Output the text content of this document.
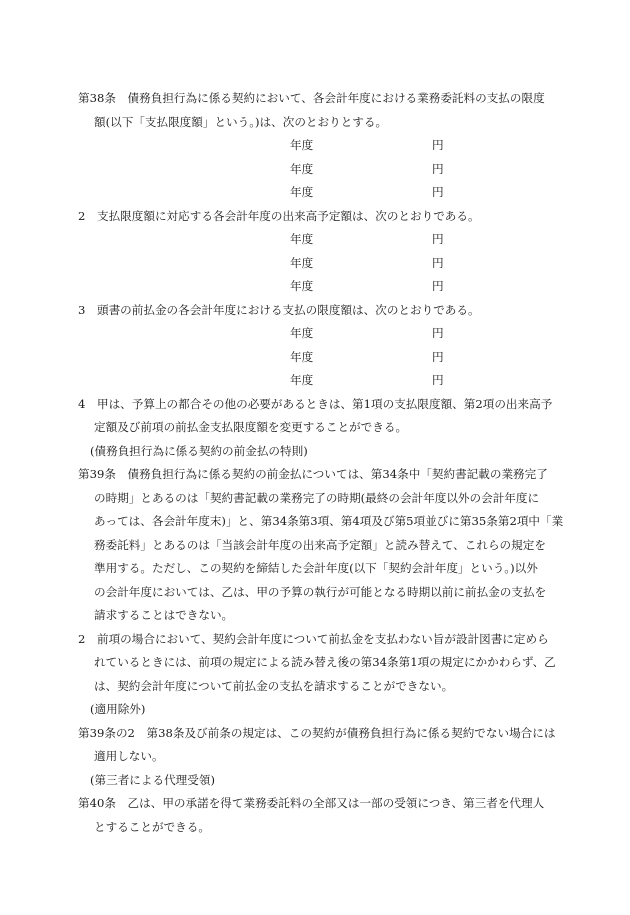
第38条　債務負担行為に係る契約において、各会計年度における業務委託料の支払の限度
額(以下「支払限度額」という。)は、次のとおりとする。
年度	円
年度	円
年度	円
2　支払限度額に対応する各会計年度の出来高予定額は、次のとおりである。
年度	円
年度	円
年度	円
3　頭書の前払金の各会計年度における支払の限度額は、次のとおりである。
年度	円
年度	円
年度	円
4　甲は、予算上の都合その他の必要があるときは、第1項の支払限度額、第2項の出来高予
定額及び前項の前払金支払限度額を変更することができる。
(債務負担行為に係る契約の前金払の特則)
第39条　債務負担行為に係る契約の前金払については、第34条中「契約書記載の業務完了
の時期」とあるのは「契約書記載の業務完了の時期(最終の会計年度以外の会計年度に
あっては、各会計年度末)」と、第34条第3項、第4項及び第5項並びに第35条第2項中「業
務委託料」とあるのは「当該会計年度の出来高予定額」と読み替えて、これらの規定を
準用する。ただし、この契約を締結した会計年度(以下「契約会計年度」という。)以外
の会計年度においては、乙は、甲の予算の執行が可能となる時期以前に前払金の支払を
請求することはできない。
2　前項の場合において、契約会計年度について前払金を支払わない旨が設計図書に定めら
れているときには、前項の規定による読み替え後の第34条第1項の規定にかかわらず、乙
は、契約会計年度について前払金の支払を請求することができない。
(適用除外)
第39条の2　第38条及び前条の規定は、この契約が債務負担行為に係る契約でない場合には
適用しない。
(第三者による代理受領)
第40条　乙は、甲の承諾を得て業務委託料の全部又は一部の受領につき、第三者を代理人
とすることができる。
